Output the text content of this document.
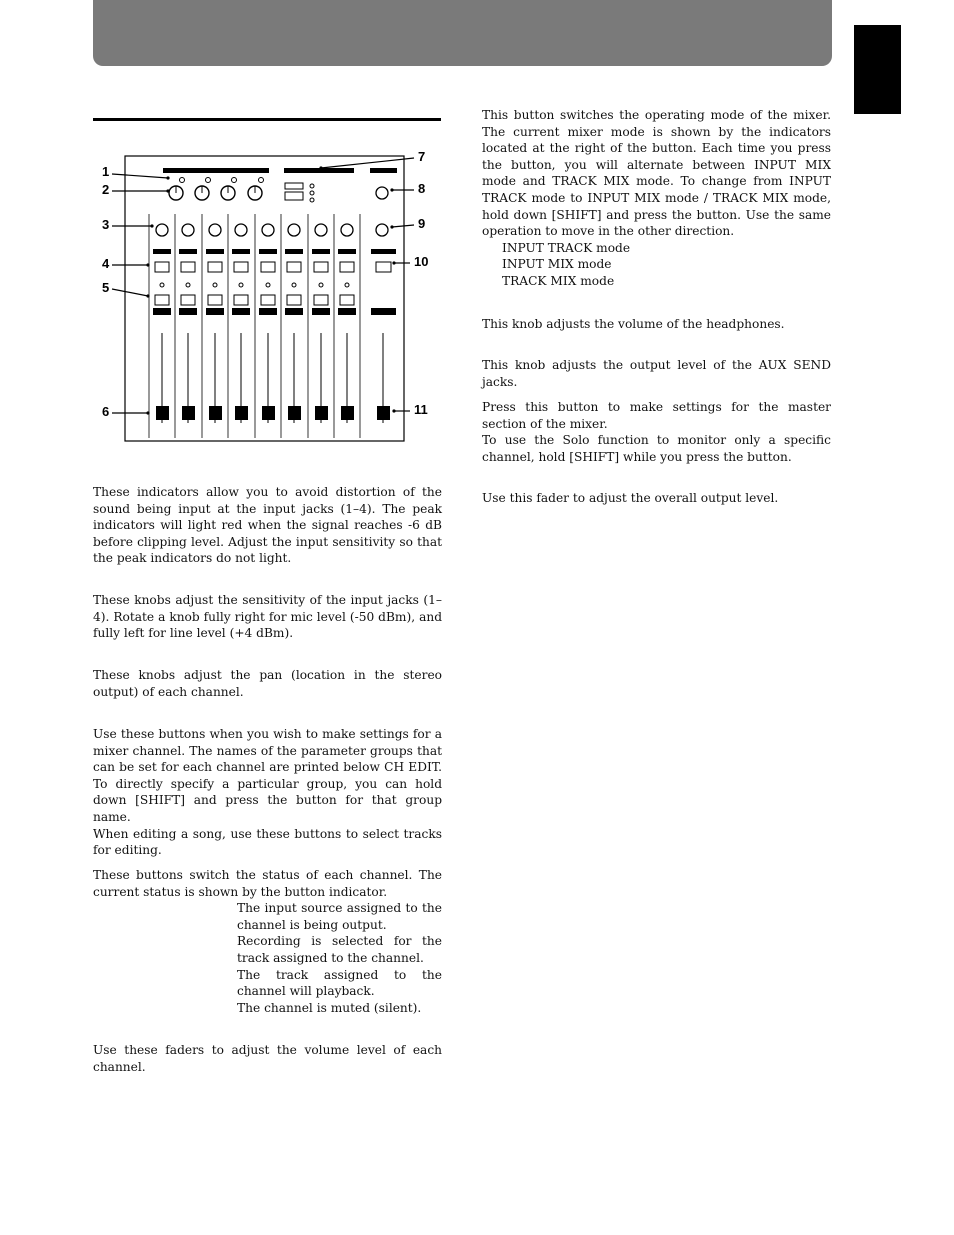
1
2
3
4
5
6
7
8
9
10
11

These indicators allow you to avoid distortion of the sound being input at the input jacks (1–4). The peak indicators will light red when the signal reaches -6 dB before clipping level. Adjust the input sensitivity so that the peak indicators do not light.

These knobs adjust the sensitivity of the input jacks (1–4). Rotate a knob fully right for mic level (-50 dBm), and fully left for line level (+4 dBm).

These knobs adjust the pan (location in the stereo output) of each channel.

Use these buttons when you wish to make settings for a mixer channel. The names of the parameter groups that can be set for each channel are printed below CH EDIT. To directly specify a particular group, you can hold down [SHIFT] and press the button for that group name.
When editing a song, use these buttons to select tracks for editing.

These buttons switch the status of each channel. The current status is shown by the button indicator.
The input source assigned to the channel is being output.
Recording is selected for the track assigned to the channel.
The track assigned to the channel will playback.
The channel is muted (silent).

Use these faders to adjust the volume level of each channel.

This button switches the operating mode of the mixer. The current mixer mode is shown by the indicators located at the right of the button. Each time you press the button, you will alternate between INPUT MIX mode and TRACK MIX mode. To change from INPUT TRACK mode to INPUT MIX mode / TRACK MIX mode, hold down [SHIFT] and press the button. Use the same operation to move in the other direction.
INPUT TRACK mode
INPUT MIX mode
TRACK MIX mode

This knob adjusts the volume of the headphones.

This knob adjusts the output level of the AUX SEND jacks.

Press this button to make settings for the master section of the mixer.
To use the Solo function to monitor only a specific channel, hold [SHIFT] while you press the button.

Use this fader to adjust the overall output level.
